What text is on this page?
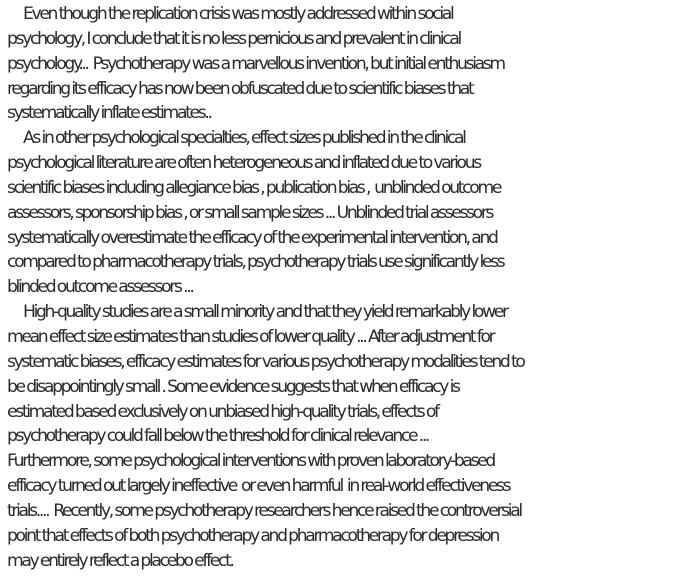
Even though the replication crisis was mostly addressed within social
psychology, I conclude that it is no less pernicious and prevalent in clinical
psychology...  Psychotherapy was a marvellous invention, but initial enthusiasm
regarding its efficacy has now been obfuscated due to scientific biases that
systematically inflate estimates..
As in other psychological specialties, effect sizes published in the clinical
psychological literature are often heterogeneous and inflated due to various
scientific biases including allegiance bias , publication bias ,  unblinded outcome
assessors, sponsorship bias , or small sample sizes ... Unblinded trial assessors
systematically overestimate the efficacy of the experimental intervention, and
compared to pharmacotherapy trials, psychotherapy trials use significantly less
blinded outcome assessors ...
High-quality studies are a small minority and that they yield remarkably lower
mean effect size estimates than studies of lower quality ... After adjustment for
systematic biases, efficacy estimates for various psychotherapy modalities tend to
be disappointingly small . Some evidence suggests that when efficacy is
estimated based exclusively on unbiased high-quality trials, effects of
psychotherapy could fall below the threshold for clinical relevance ...
Furthermore, some psychological interventions with proven laboratory-based
efficacy turned out largely ineffective  or even harmful  in real-world effectiveness
trials....  Recently, some psychotherapy researchers hence raised the controversial
point that effects of both psychotherapy and pharmacotherapy for depression
may entirely reflect a placebo effect.
